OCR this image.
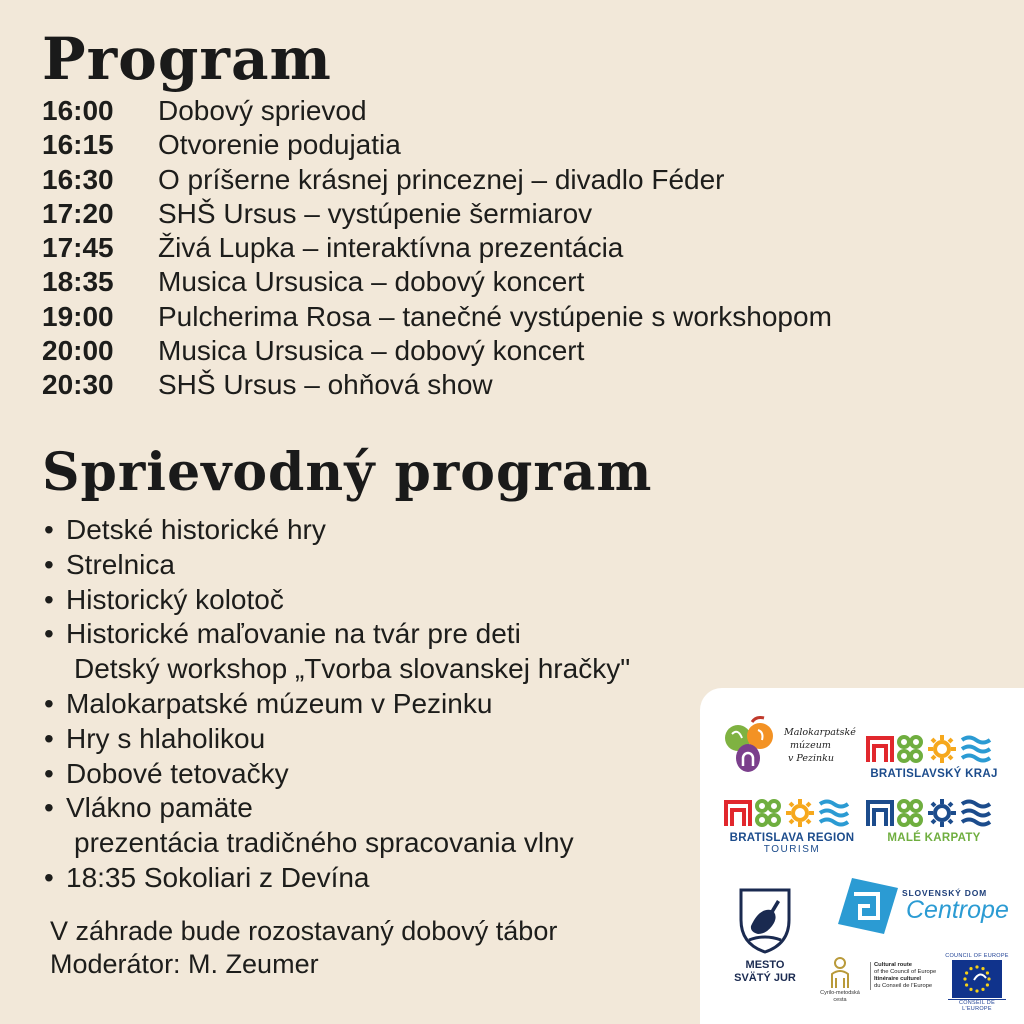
Program
16:00 Dobový sprievod
16:15 Otvorenie podujatia
16:30 O príšerne krásnej princeznej – divadlo Féder
17:20 SHŠ Ursus – vystúpenie šermiarov
17:45 Živá Lupka – interaktívna prezentácia
18:35 Musica Ursusica – dobový koncert
19:00 Pulcherima Rosa – tanečné vystúpenie s workshopom
20:00 Musica Ursusica – dobový koncert
20:30 SHŠ Ursus – ohňová show
Sprievodný program
• Detské historické hry
• Strelnica
• Historický kolotoč
• Historické maľovanie na tvár pre deti
Detský workshop „Tvorba slovanskej hračky"
• Malokarpatské múzeum v Pezinku
• Hry s hlaholikou
• Dobové tetovačky
• Vlákno pamäte
prezentácia tradičného spracovania vlny
• 18:35 Sokoliari z Devína
V záhrade bude rozostavaný dobový tábor
Moderátor: M. Zeumer
Malokarpatské
múzeum
v Pezinku
BRATISLAVSKÝ KRAJ
BRATISLAVA REGION
TOURISM
MALÉ KARPATY
MESTO
SVÄTÝ JUR
SLOVENSKÝ DOM
Centrope
Cyrilo-metodská
cesta
Cultural route
of the Council of Europe
Itinéraire culturel
du Conseil de l'Europe
COUNCIL OF EUROPE
CONSEIL DE L'EUROPE
